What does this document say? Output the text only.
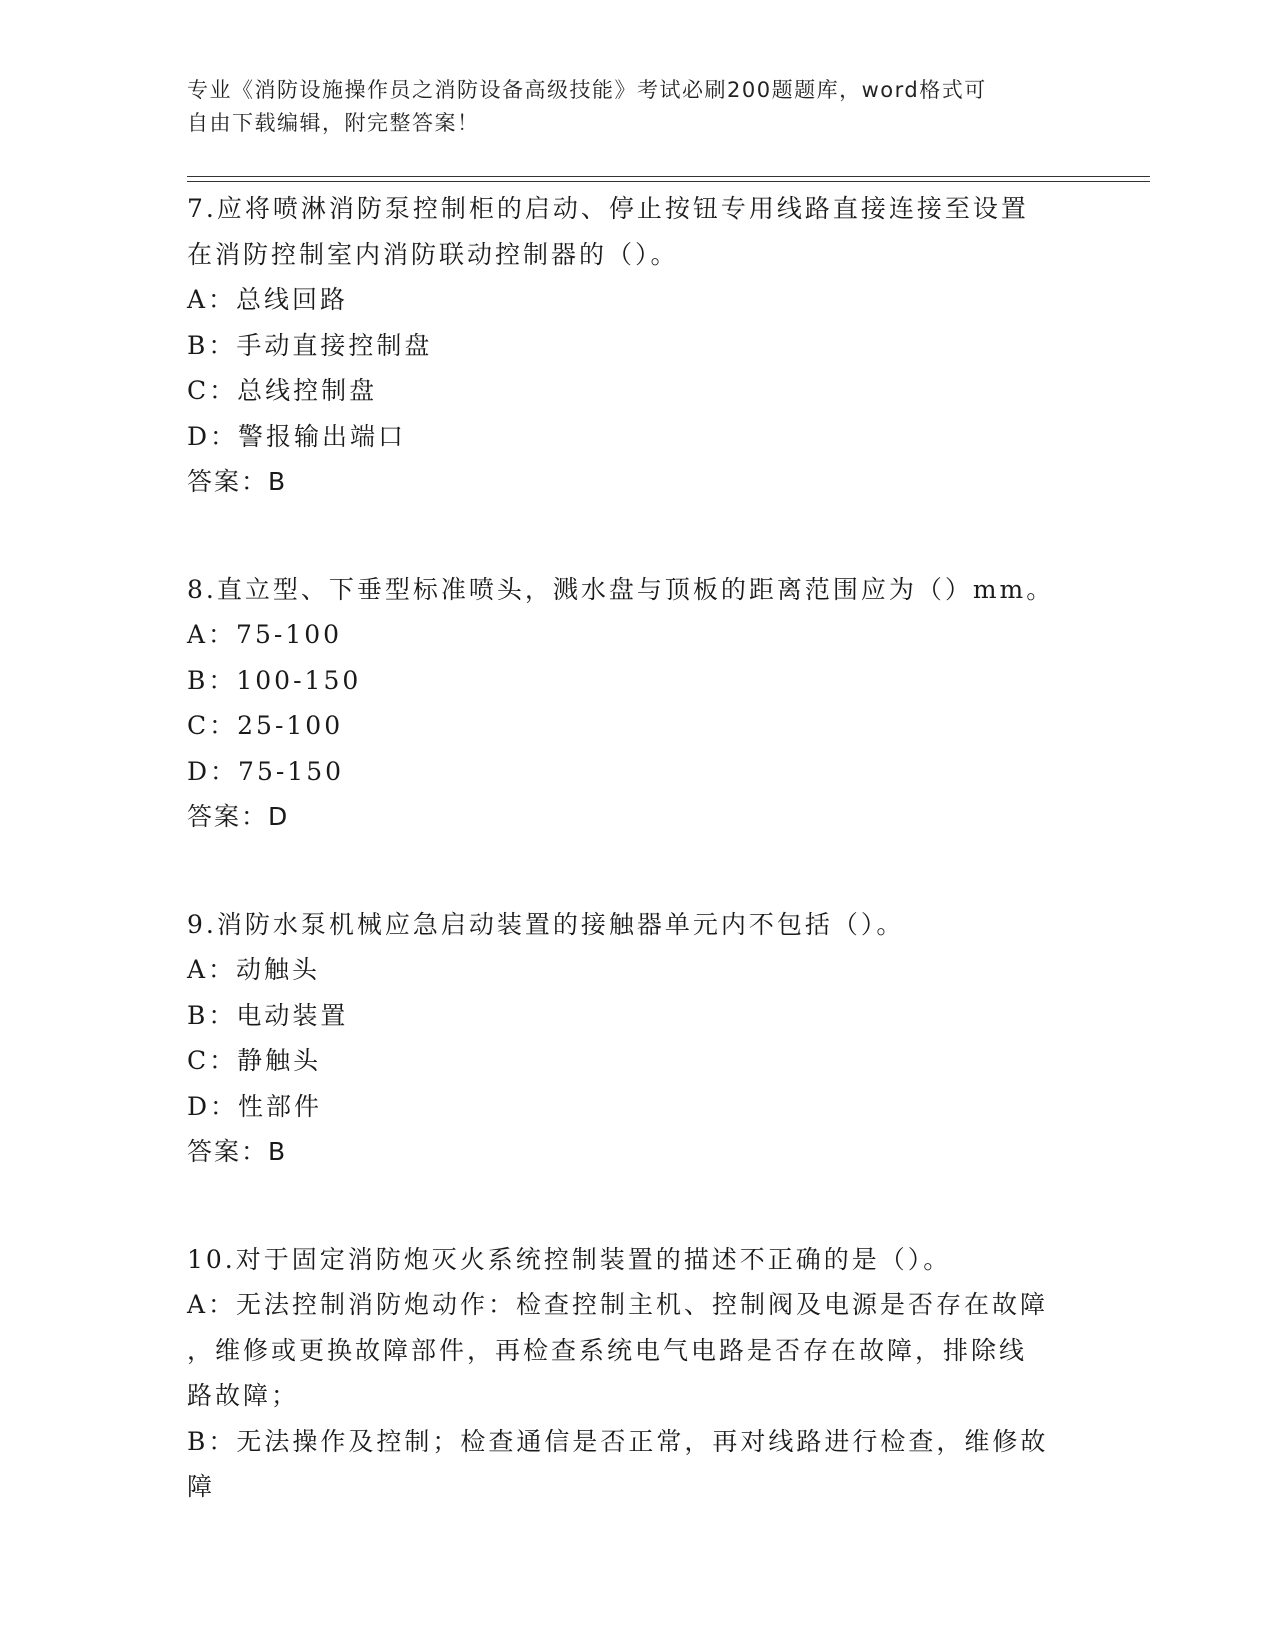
专业《消防设施操作员之消防设备高级技能》考试必刷200题题库，word格式可

自由下载编辑，附完整答案！

7.应将喷淋消防泵控制柜的启动、停止按钮专用线路直接连接至设置

在消防控制室内消防联动控制器的（）。

A：总线回路

B：手动直接控制盘

C：总线控制盘

D：警报输出端口

答案：B

8.直立型、下垂型标准喷头，溅水盘与顶板的距离范围应为（）mm。

A：75-100

B：100-150

C：25-100

D：75-150

答案：D

9.消防水泵机械应急启动装置的接触器单元内不包括（）。

A：动触头

B：电动装置

C：静触头

D：性部件

答案：B

10.对于固定消防炮灭火系统控制装置的描述不正确的是（）。

A：无法控制消防炮动作：检查控制主机、控制阀及电源是否存在故障

，维修或更换故障部件，再检查系统电气电路是否存在故障，排除线

路故障；

B：无法操作及控制；检查通信是否正常，再对线路进行检查，维修故

障
